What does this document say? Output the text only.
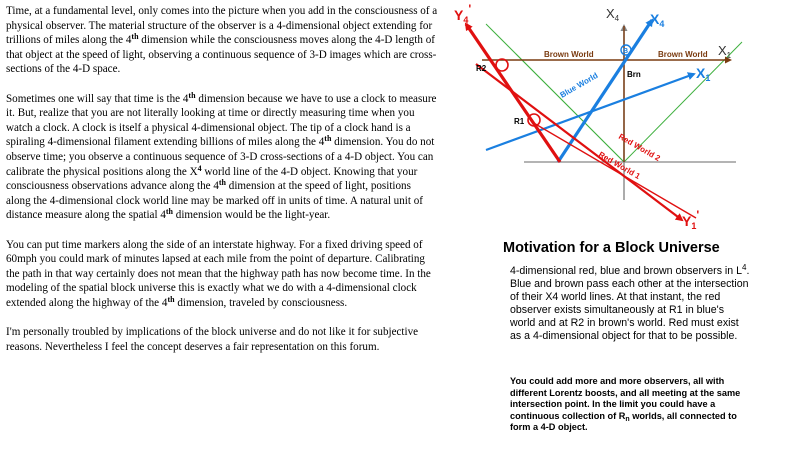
Time, at a fundamental level, only comes into the picture when you add in the consciousness of a physical observer. The material structure of the observer is a 4-dimensional object extending for trillions of miles along the 4th dimension while the consciousness moves along the 4-D length of that object at the speed of light, observing a continuous sequence of 3-D images which are cross-sections of the 4-D space.

Sometimes one will say that time is the 4th dimension because we have to use a clock to measure it. But, realize that you are not literally looking at time or directly measuring time when you watch a clock. A clock is itself a physical 4-dimensional object. The tip of a clock hand is a spiraling 4-dimensional filament extending billions of miles along the 4th dimension. You do not observe time; you observe a continuous sequence of 3-D cross-sections of a 4-D object. You can calibrate the physical positions along the $X^4$ world line of the 4-D object. Knowing that your consciousness observations advance along the 4th dimension at the speed of light, positions along the 4-dimensional clock world line may be marked off in units of time. A natural unit of distance measure along the spatial 4th dimension would be the light-year.

You can put time markers along the side of an interstate highway. For a fixed driving speed of 60mph you could mark of minutes lapsed at each mile from the point of departure. Calibrating the path in that way certainly does not mean that the highway path has now become time. In the modeling of the spatial block universe this is exactly what we do with a 4-dimensional clock extended along the highway of the 4th dimension, traveled by consciousness.

I'm personally troubled by implications of the block universe and do not like it for subjective reasons. Nevertheless I feel the concept deserves a fair representation on this forum.

$Y_4'$	$X_4$ $X_4$
$X_1$
$X_1$
$Y_1'$
Brown World	Brown World
Blue World
Red World 2
Red World 1
R2
R1
B
Brn
Motivation for a Block Universe
4-dimensional red, blue and brown observers in $L^4$. Blue and brown pass each other at the intersection of their X4 world lines. At that instant, the red observer exists simultaneously at R1 in blue's world and at R2 in brown's world. Red must exist as a 4-dimensional object for that to be possible.
You could add more and more observers, all with different Lorentz boosts, and all meeting at the same intersection point. In the limit you could have a continuous collection of $R_n$ worlds, all connected to form a 4-D object.
